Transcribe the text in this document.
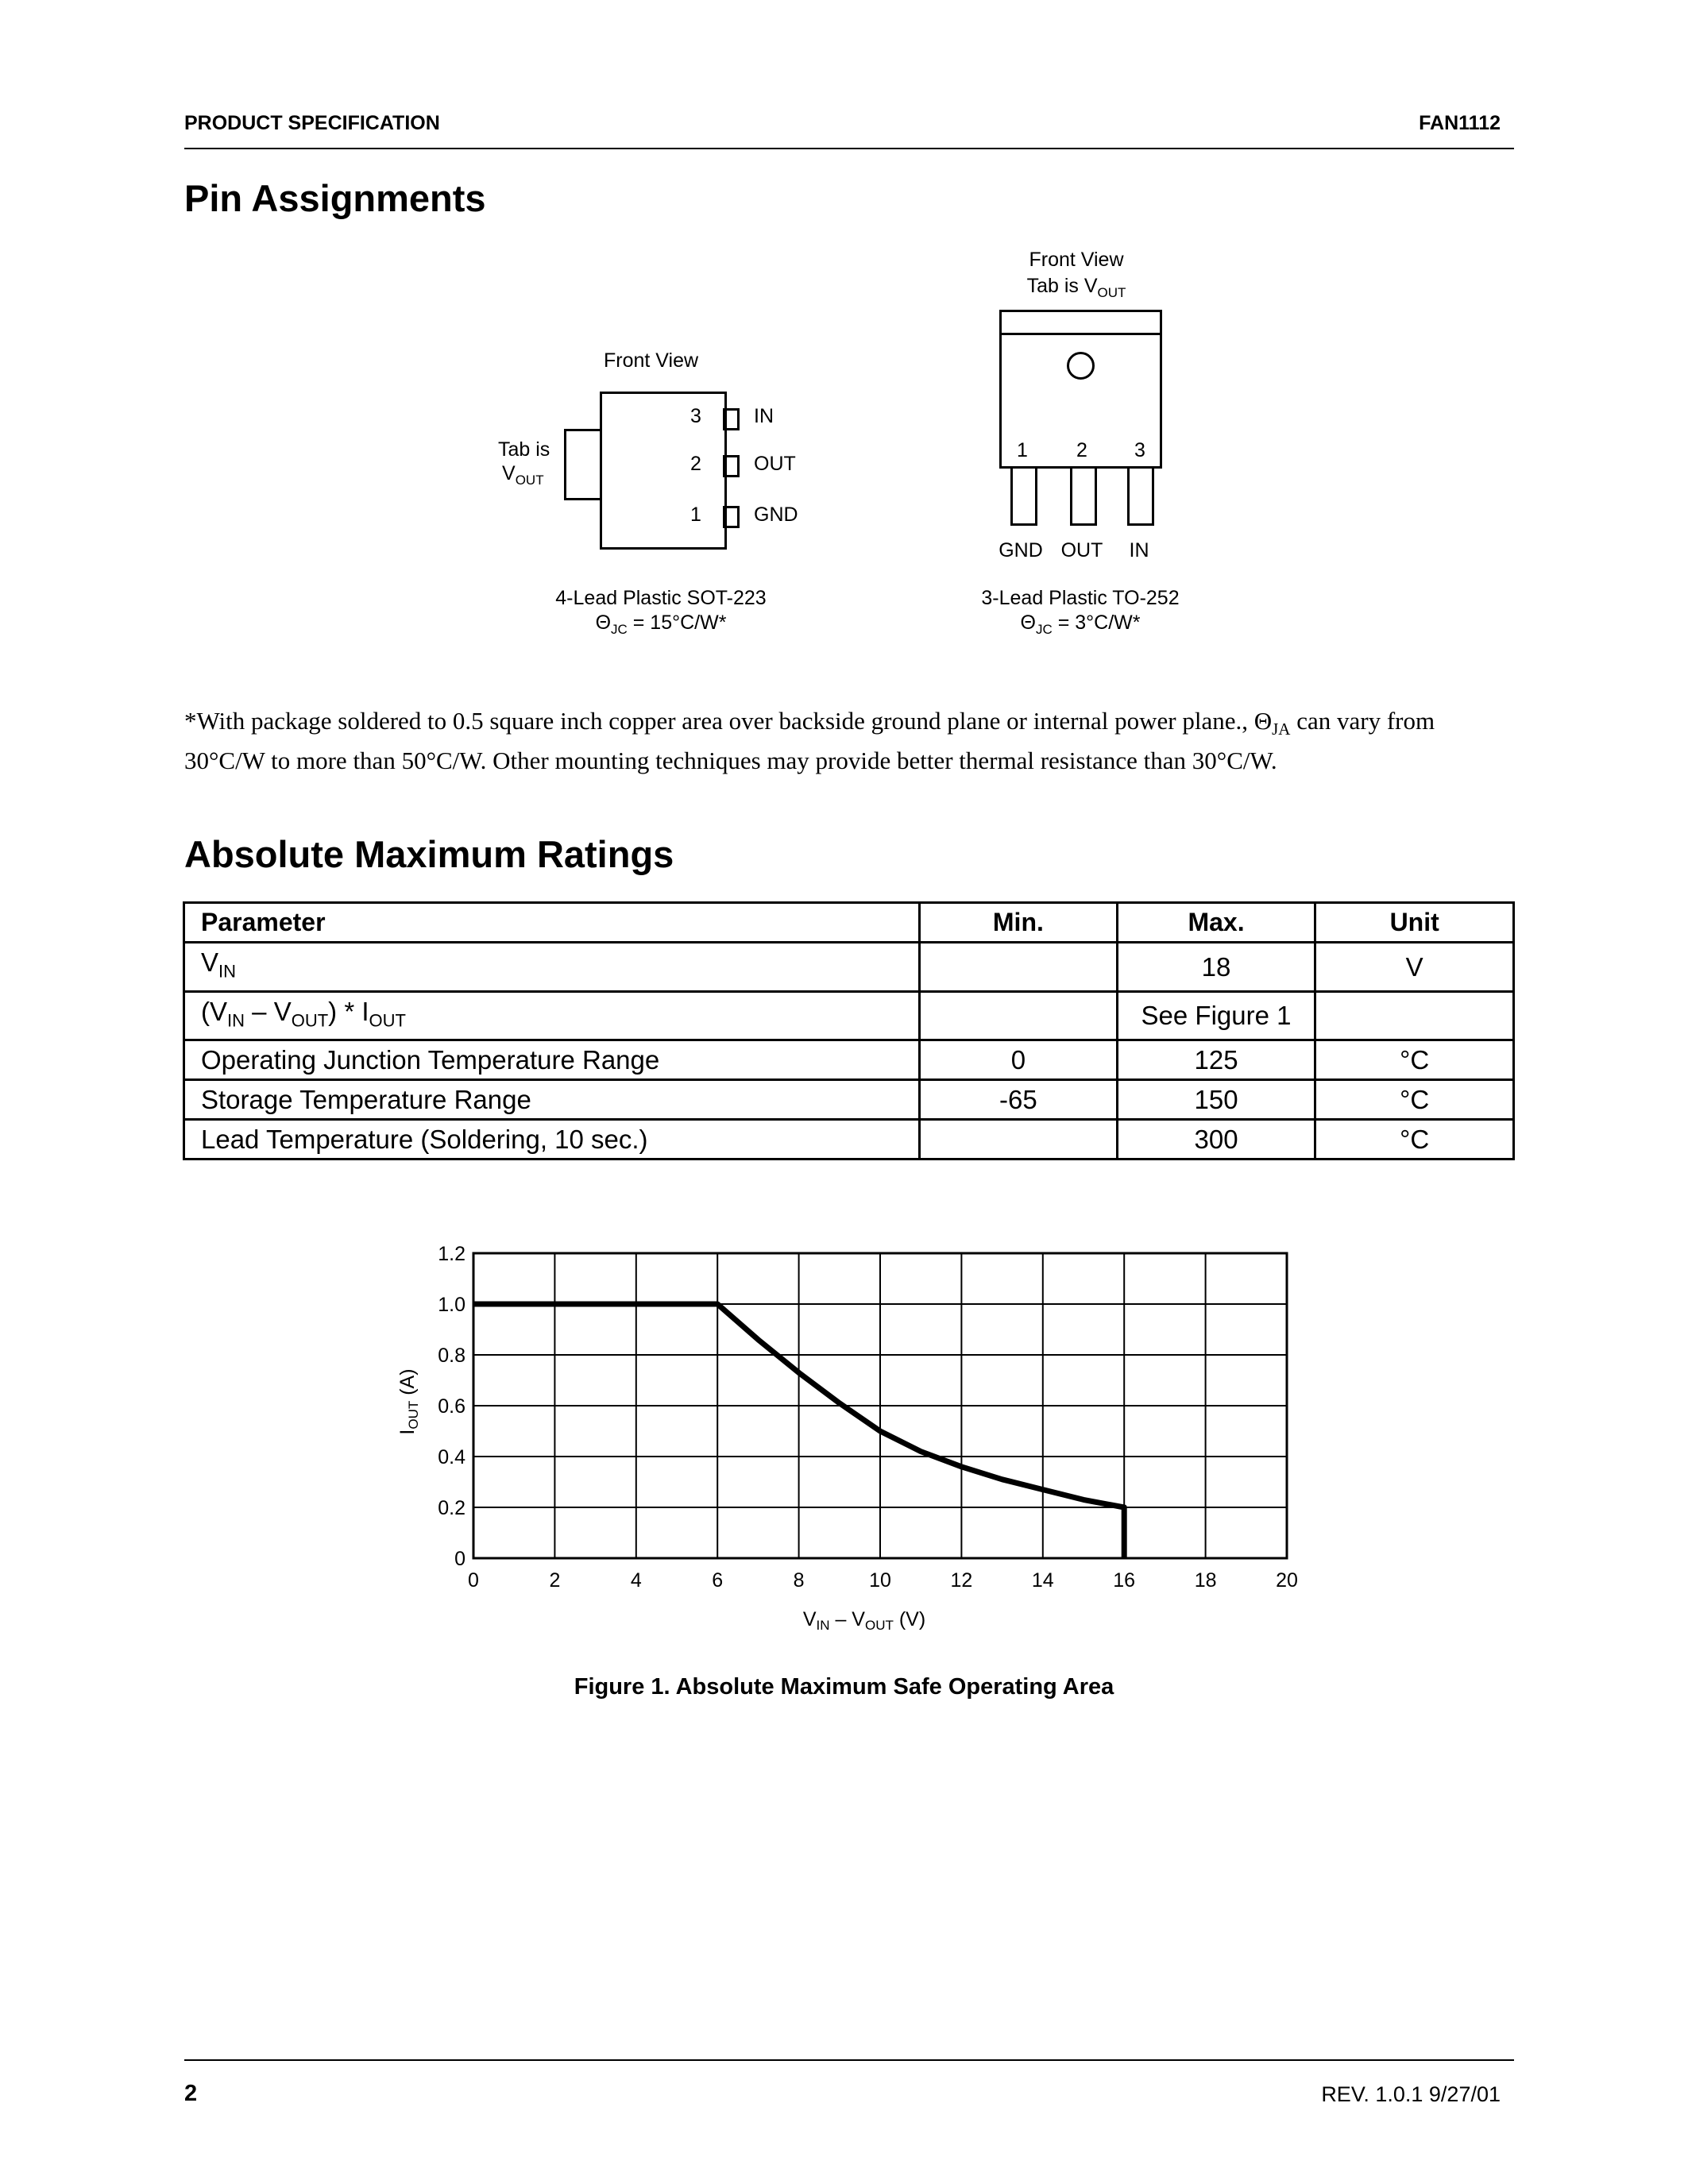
PRODUCT SPECIFICATION	FAN1112
Pin Assignments
Front View
Tab is
$V_{OUT}$
3	IN
2	OUT
1	GND
4-Lead Plastic SOT-223
$\Theta_{JC} = 15^\circ C/W*$
Front View
Tab is $V_{OUT}$
1 2 3
GND OUT	IN
3-Lead Plastic TO-252
$\Theta_{JC} = 3^\circ C/W*$
*With package soldered to 0.5 square inch copper area over backside ground plane or internal power plane., $\Theta_{JA}$ can vary from 30°C/W to more than 50°C/W. Other mounting techniques may provide better thermal resistance than 30°C/W.
Absolute Maximum Ratings
Parameter	Min.	Max.	Unit
$V_{IN}$		18	V
$(V_{IN} - V_{OUT}) * I_{OUT}$		See Figure 1	
Operating Junction Temperature Range	0	125	°C
Storage Temperature Range	-65	150	°C
Lead Temperature (Soldering, 10 sec.)		300	°C
0	2	4	6	8	10	12	14	16	18	20
0
0.2
0.4
0.6
0.8
1.0
1.2
$V_{IN} - V_{OUT}$ (V)
$I_{OUT}$ (A)
Figure 1. Absolute Maximum Safe Operating Area
2	REV. 1.0.1 9/27/01
